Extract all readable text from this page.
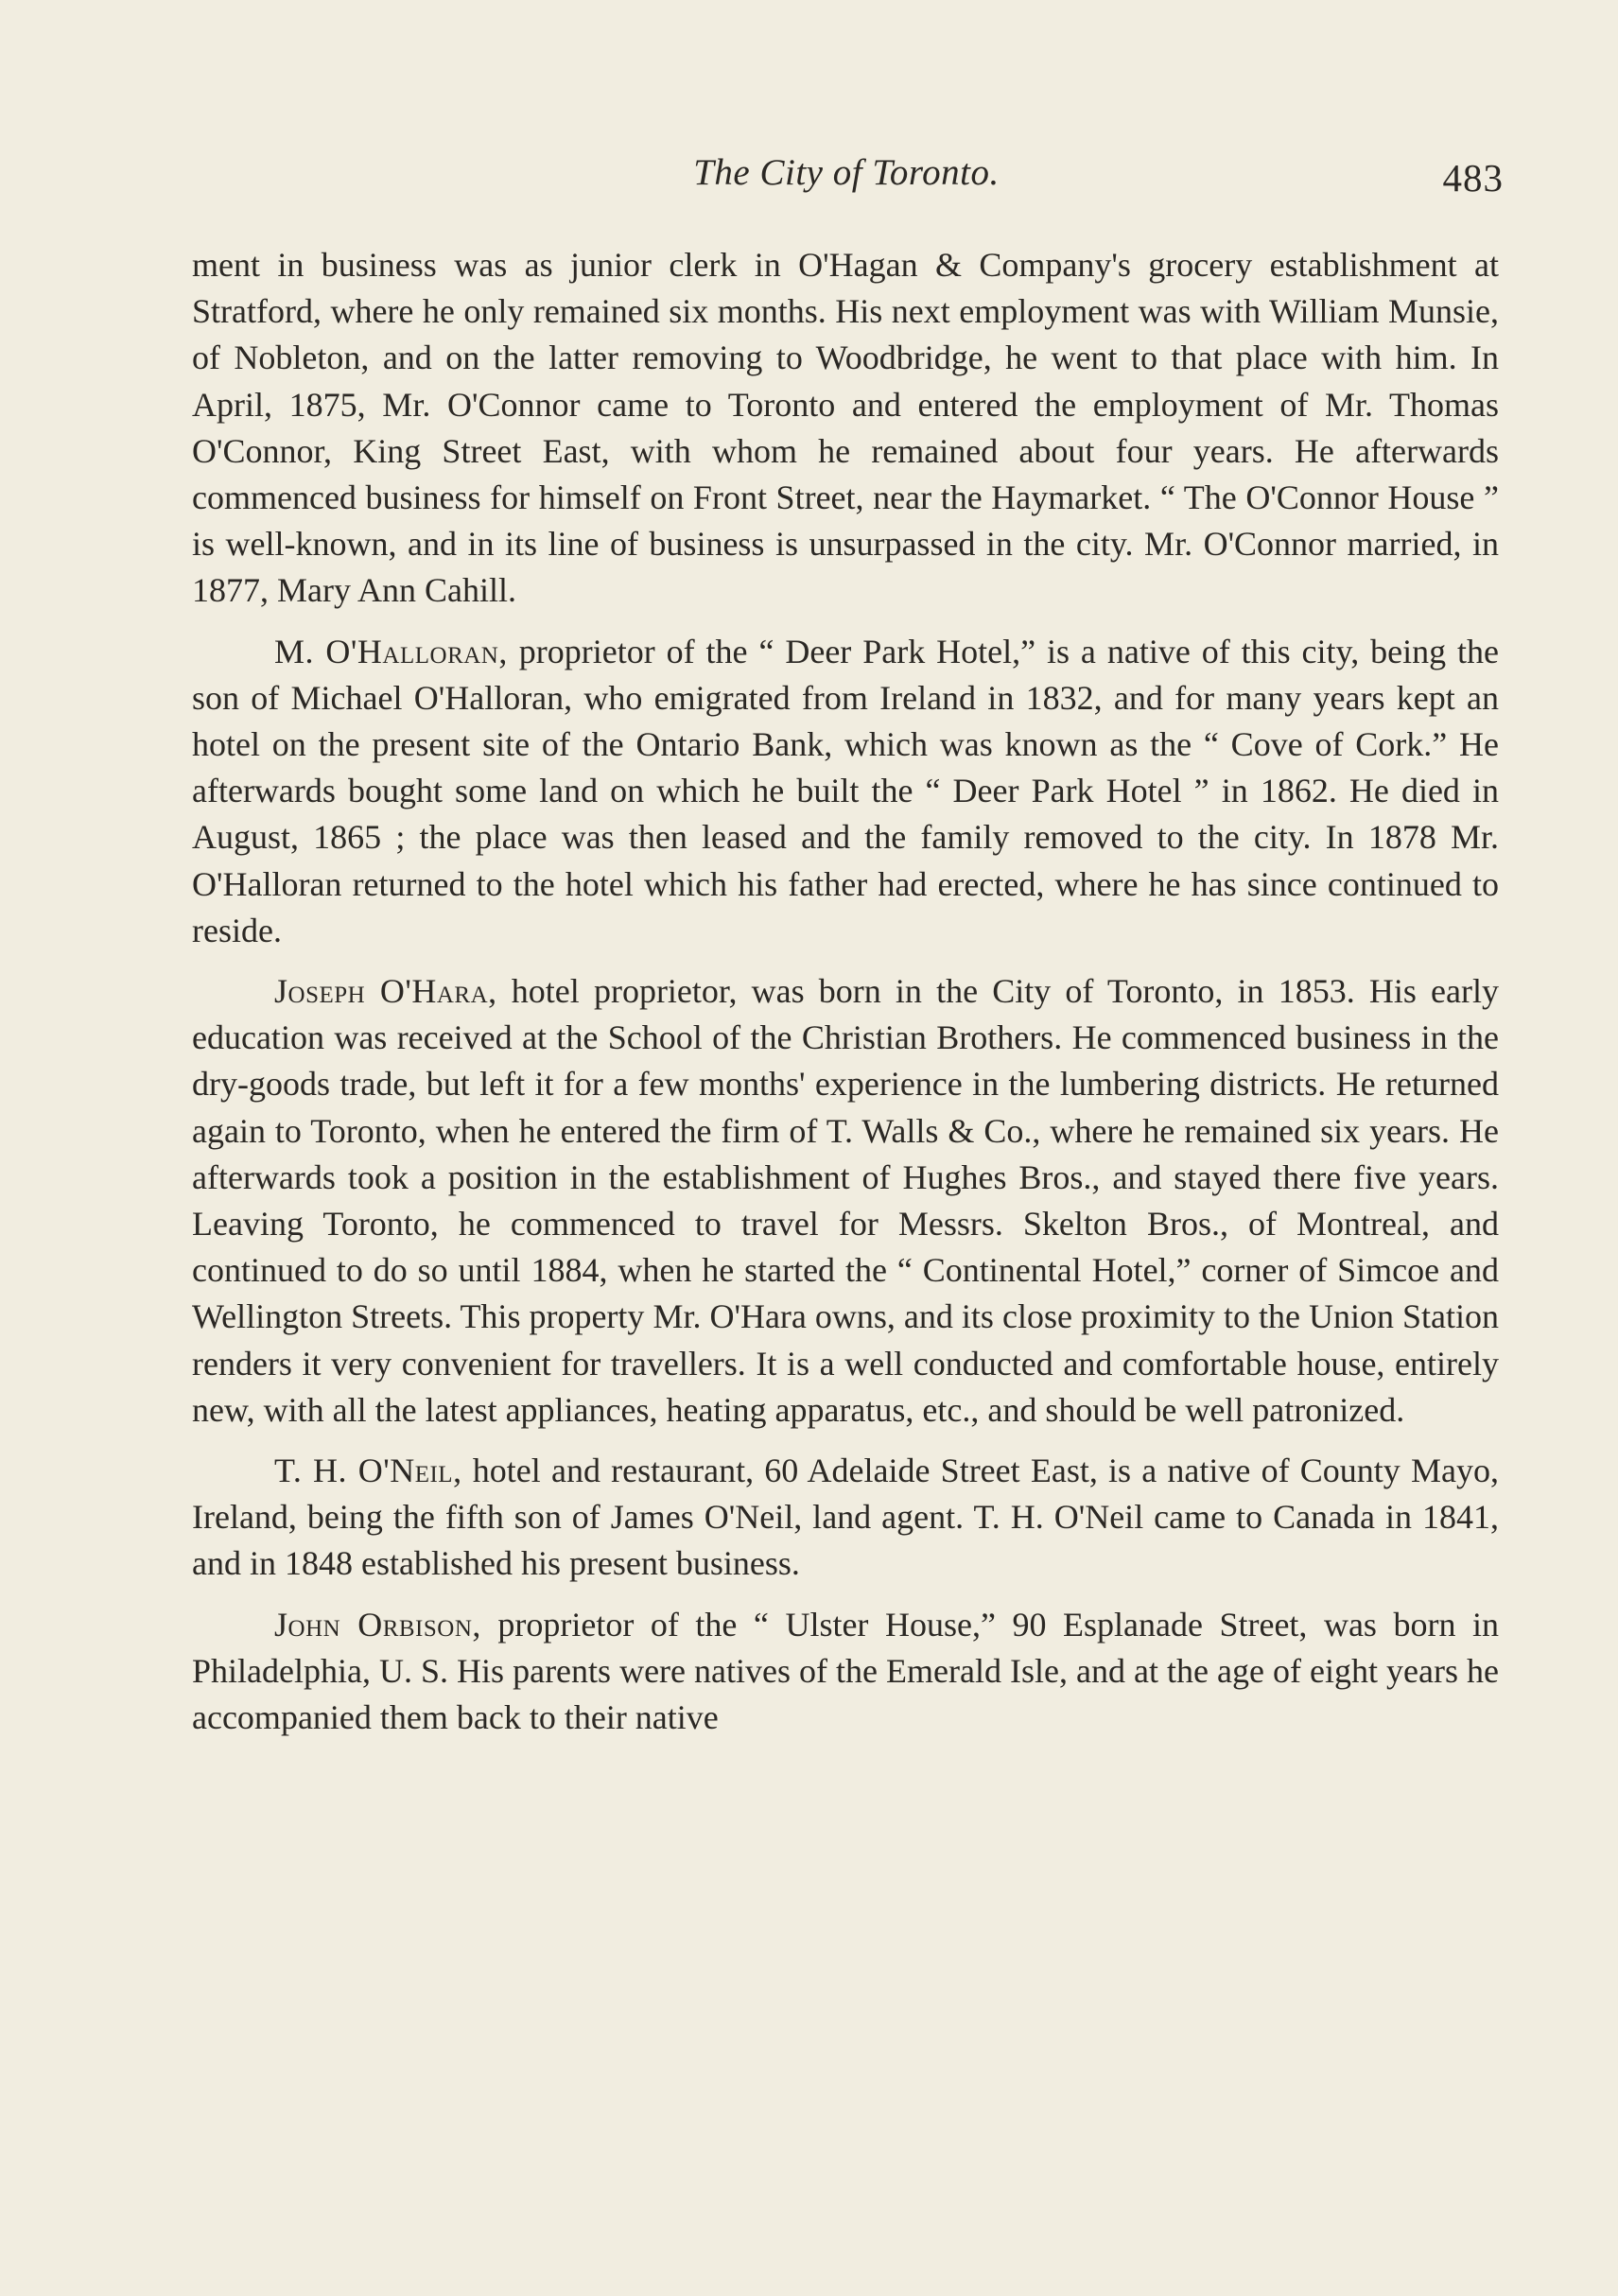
The City of Toronto.	483

ment in business was as junior clerk in O'Hagan & Company's grocery establishment at Stratford, where he only remained six months. His next employment was with William Munsie, of Nobleton, and on the latter removing to Woodbridge, he went to that place with him. In April, 1875, Mr. O'Connor came to Toronto and entered the employment of Mr. Thomas O'Connor, King Street East, with whom he remained about four years. He afterwards commenced business for himself on Front Street, near the Haymarket. “ The O'Connor House ” is well-known, and in its line of business is unsurpassed in the city. Mr. O'Connor married, in 1877, Mary Ann Cahill.

M. O'Halloran, proprietor of the “ Deer Park Hotel,” is a native of this city, being the son of Michael O'Halloran, who emigrated from Ireland in 1832, and for many years kept an hotel on the present site of the Ontario Bank, which was known as the “ Cove of Cork.” He afterwards bought some land on which he built the “ Deer Park Hotel ” in 1862. He died in August, 1865 ; the place was then leased and the family removed to the city. In 1878 Mr. O'Halloran returned to the hotel which his father had erected, where he has since continued to reside.

Joseph O'Hara, hotel proprietor, was born in the City of Toronto, in 1853. His early education was received at the School of the Christian Brothers. He commenced business in the dry-goods trade, but left it for a few months' experience in the lumbering districts. He returned again to Toronto, when he entered the firm of T. Walls & Co., where he remained six years. He afterwards took a position in the establishment of Hughes Bros., and stayed there five years. Leaving Toronto, he commenced to travel for Messrs. Skelton Bros., of Montreal, and continued to do so until 1884, when he started the “ Continental Hotel,” corner of Simcoe and Wellington Streets. This property Mr. O'Hara owns, and its close proximity to the Union Station renders it very convenient for travellers. It is a well conducted and comfortable house, entirely new, with all the latest appliances, heating apparatus, etc., and should be well patronized.

T. H. O'Neil, hotel and restaurant, 60 Adelaide Street East, is a native of County Mayo, Ireland, being the fifth son of James O'Neil, land agent. T. H. O'Neil came to Canada in 1841, and in 1848 established his present business.

John Orbison, proprietor of the “ Ulster House,” 90 Esplanade Street, was born in Philadelphia, U. S. His parents were natives of the Emerald Isle, and at the age of eight years he accompanied them back to their native
